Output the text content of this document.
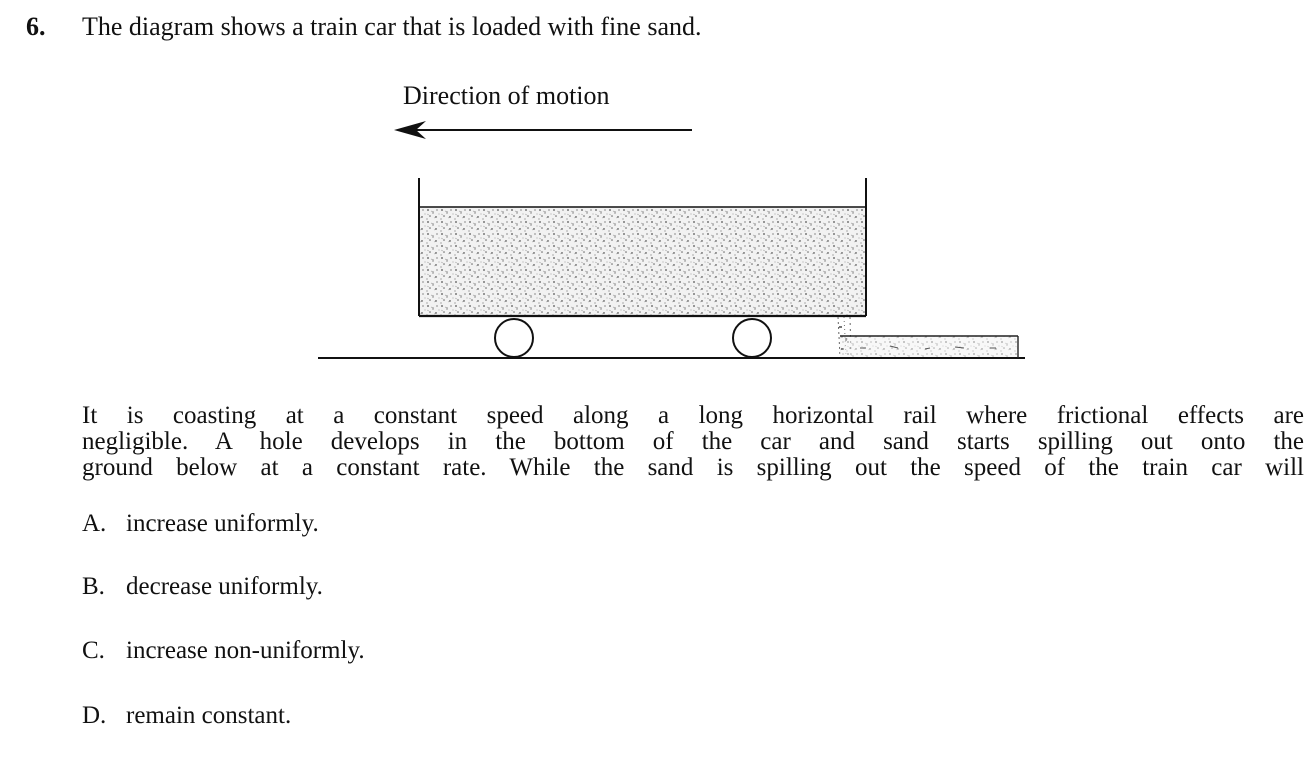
6. The diagram shows a train car that is loaded with fine sand.
Direction of motion
It is coasting at a constant speed along a long horizontal rail where frictional effects are
negligible. A hole develops in the bottom of the car and sand starts spilling out onto the
ground below at a constant rate. While the sand is spilling out the speed of the train car will
A. increase uniformly.
B. decrease uniformly.
C. increase non-uniformly.
D. remain constant.
